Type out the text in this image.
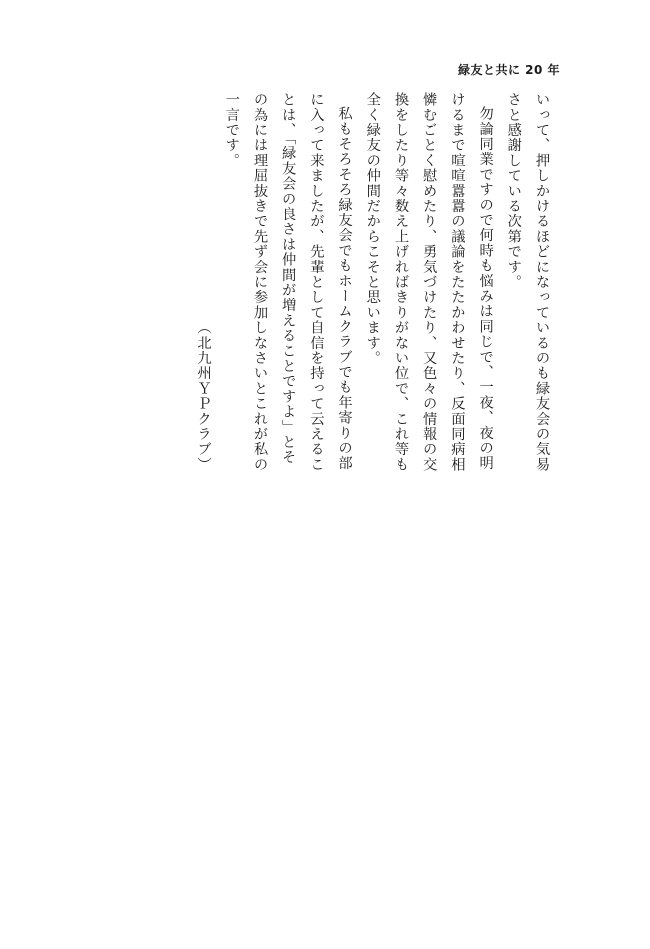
緑友と共に 20 年

いって、押しかけるほどになっているのも緑友会の気易さと感謝している次第です。

勿論同業ですので何時も悩みは同じで、一夜、夜の明けるまで喧喧囂囂の議論をたたかわせたり、反面同病相憐むごとく慰めたり、勇気づけたり、又色々の情報の交換をしたり等々数え上げればきりがない位で、これ等も全く緑友の仲間だからこそと思います。

私もそろそろ緑友会でもホームクラブでも年寄りの部に入って来ましたが、先輩として自信を持って云えることは、「緑友会の良さは仲間が増えることですよ」とその為には理屈抜きで先ず会に参加しなさいとこれが私の一言です。

（北九州ＹＰクラブ）
